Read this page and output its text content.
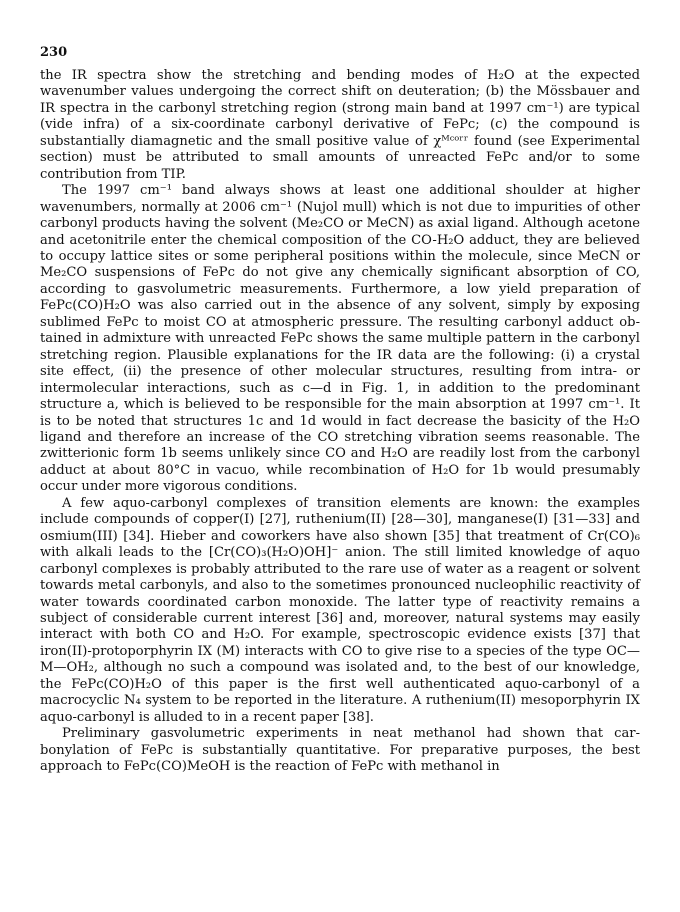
230

the IR spectra show the stretching and bending modes of H₂O at the expected wavenumber values undergoing the correct shift on deuteration; (b) the Mössbauer and IR spectra in the carbonyl stretching region (strong main band at 1997 cm⁻¹) are typical (vide infra) of a six-coordinate carbonyl derivative of FePc; (c) the compound is substantially diamagnetic and the small positive value of χᴹᶜᵒʳʳ found (see Experimental section) must be attributed to small amounts of unreacted FePc and/or to some contribution from TIP.

The 1997 cm⁻¹ band always shows at least one additional shoulder at higher wavenumbers, normally at 2006 cm⁻¹ (Nujol mull) which is not due to impurities of other carbonyl products having the solvent (Me₂CO or MeCN) as axial ligand. Although acetone and acetonitrile enter the chemical composition of the CO-H₂O adduct, they are believed to occupy lattice sites or some peripheral positions within the molecule, since MeCN or Me₂CO suspensions of FePc do not give any chemically significant absorption of CO, according to gasvolumetric measurements. Furthermore, a low yield preparation of FePc(CO)H₂O was also carried out in the absence of any solvent, simply by exposing sublimed FePc to moist CO at atmospheric pressure. The resulting carbonyl adduct obtained in admixture with unreacted FePc shows the same multiple pattern in the carbonyl stretching region. Plausible explanations for the IR data are the following: (i) a crystal site effect, (ii) the presence of other molecular structures, resulting from intra- or intermolecular interactions, such as c—d in Fig. 1, in addition to the predominant structure a, which is believed to be responsible for the main absorption at 1997 cm⁻¹. It is to be noted that structures 1c and 1d would in fact decrease the basicity of the H₂O ligand and therefore an increase of the CO stretching vibration seems reasonable. The zwitterionic form 1b seems unlikely since CO and H₂O are readily lost from the carbonyl adduct at about 80°C in vacuo, while recombination of H₂O for 1b would presumably occur under more vigorous conditions.

A few aquo-carbonyl complexes of transition elements are known: the examples include compounds of copper(I) [27], ruthenium(II) [28—30], manganese(I) [31—33] and osmium(III) [34]. Hieber and coworkers have also shown [35] that treatment of Cr(CO)₆ with alkali leads to the [Cr(CO)₃(H₂O)OH]⁻ anion. The still limited knowledge of aquo carbonyl complexes is probably attributed to the rare use of water as a reagent or solvent towards metal carbonyls, and also to the sometimes pronounced nucleophilic reactivity of water towards coordinated carbon monoxide. The latter type of reactivity remains a subject of considerable current interest [36] and, moreover, natural systems may easily interact with both CO and H₂O. For example, spectroscopic evidence exists [37] that iron(II)-protoporphyrin IX (M) interacts with CO to give rise to a species of the type OC—M—OH₂, although no such a compound was isolated and, to the best of our knowledge, the FePc(CO)H₂O of this paper is the first well authenticated aquo-carbonyl of a macrocyclic N₄ system to be reported in the literature. A ruthenium(II) mesoporphyrin IX aquo-carbonyl is alluded to in a recent paper [38].

Preliminary gasvolumetric experiments in neat methanol had shown that carbonylation of FePc is substantially quantitative. For preparative purposes, the best approach to FePc(CO)MeOH is the reaction of FePc with methanol in
